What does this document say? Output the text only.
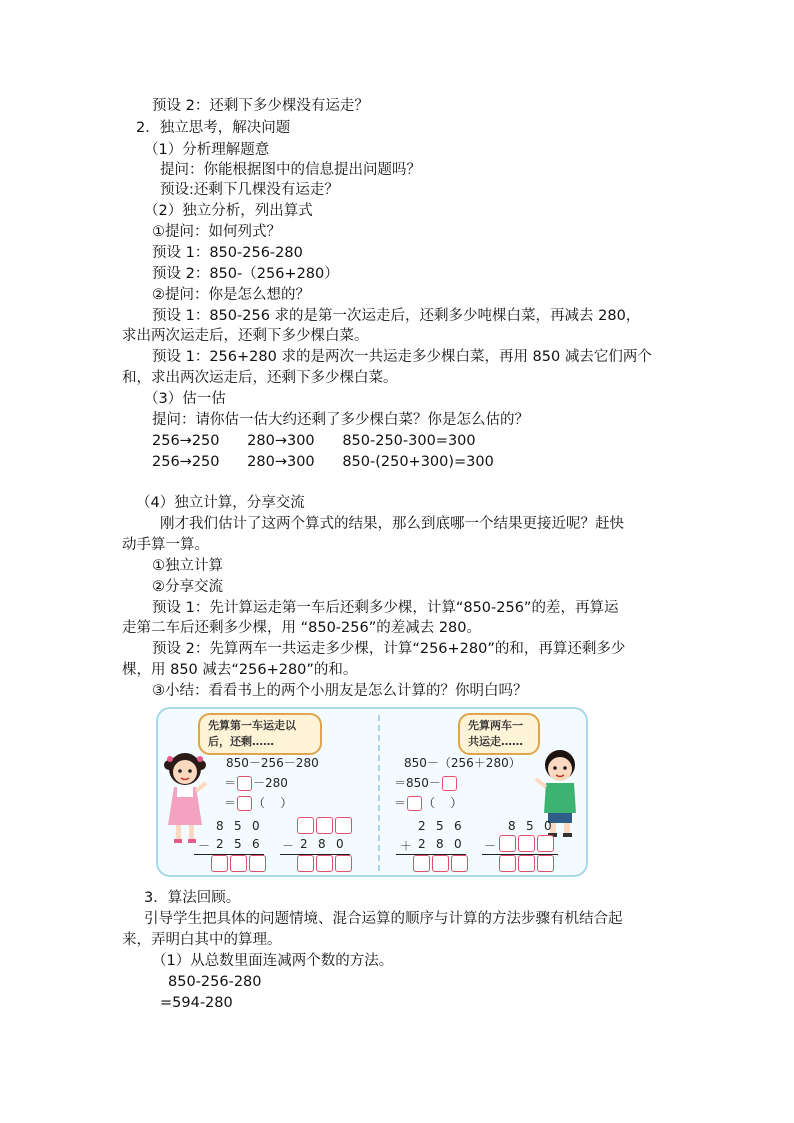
预设 2：还剩下多少棵没有运走？
2．独立思考，解决问题
（1）分析理解题意
提问：你能根据图中的信息提出问题吗？
预设:还剩下几棵没有运走？
（2）独立分析，列出算式
①提问：如何列式？
预设 1：850-256-280
预设 2：850-（256+280）
②提问：你是怎么想的？
预设 1：850-256 求的是第一次运走后，还剩多少吨棵白菜，再减去 280，
求出两次运走后，还剩下多少棵白菜。
预设 1：256+280 求的是两次一共运走多少棵白菜，再用 850 减去它们两个
和，求出两次运走后，还剩下多少棵白菜。
（3）估一估
提问：请你估一估大约还剩了多少棵白菜？你是怎么估的？
256→250      280→300      850-250-300=300
256→250      280→300      850-(250+300)=300
（4）独立计算，分享交流
刚才我们估计了这两个算式的结果，那么到底哪一个结果更接近呢？赶快
动手算一算。
①独立计算
②分享交流
预设 1：先计算运走第一车后还剩多少棵，计算“850-256”的差，再算运
走第二车后还剩多少棵，用 “850-256”的差减去 280。
预设 2：先算两车一共运走多少棵，计算“256+280”的和，再算还剩多少
棵，用 850 减去“256+280”的和。
③小结：看看书上的两个小朋友是怎么计算的？你明白吗？
先算第一车运走以后，还剩……
850－256－280
＝ －280
＝ （    ）
8 5 0
－ 2 5 6 － 2 8 0
先算两车一共运走……
850－（256＋280）
＝850－
＝ （    ）
2 5 6
＋ 2 8 0
8 5 0
－
3．算法回顾。
引导学生把具体的问题情境、混合运算的顺序与计算的方法步骤有机结合起
来，弄明白其中的算理。
（1）从总数里面连减两个数的方法。
850-256-280
=594-280
